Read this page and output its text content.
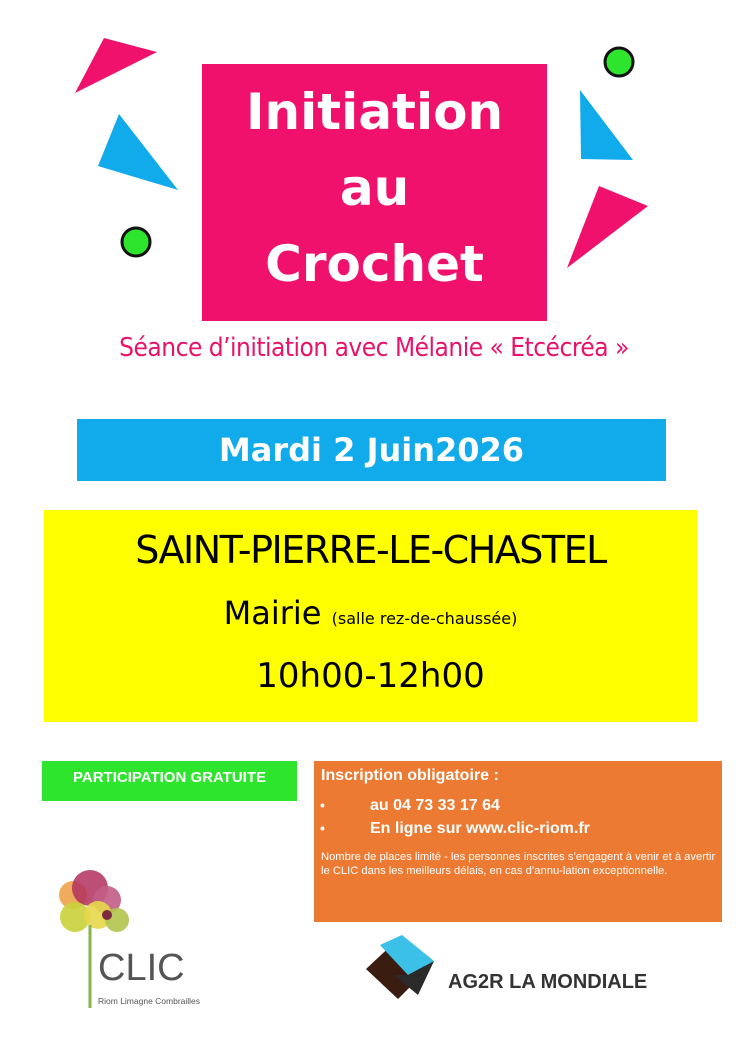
Initiation
au
Crochet
Séance d’initiation avec Mélanie « Etcécréa »
Mardi 2 Juin2026
SAINT-PIERRE-LE-CHASTEL
Mairie (salle rez-de-chaussée)
10h00-12h00
PARTICIPATION GRATUITE	Inscription obligatoire :
•	au 04 73 33 17 64
•	En ligne sur www.clic-riom.fr
Nombre de places limité - les personnes inscrites s’engagent à venir et à avertir le CLIC dans les meilleurs délais, en cas d’annu-lation exceptionnelle.
CLIC
Riom Limagne Combrailles
AG2R LA MONDIALE
